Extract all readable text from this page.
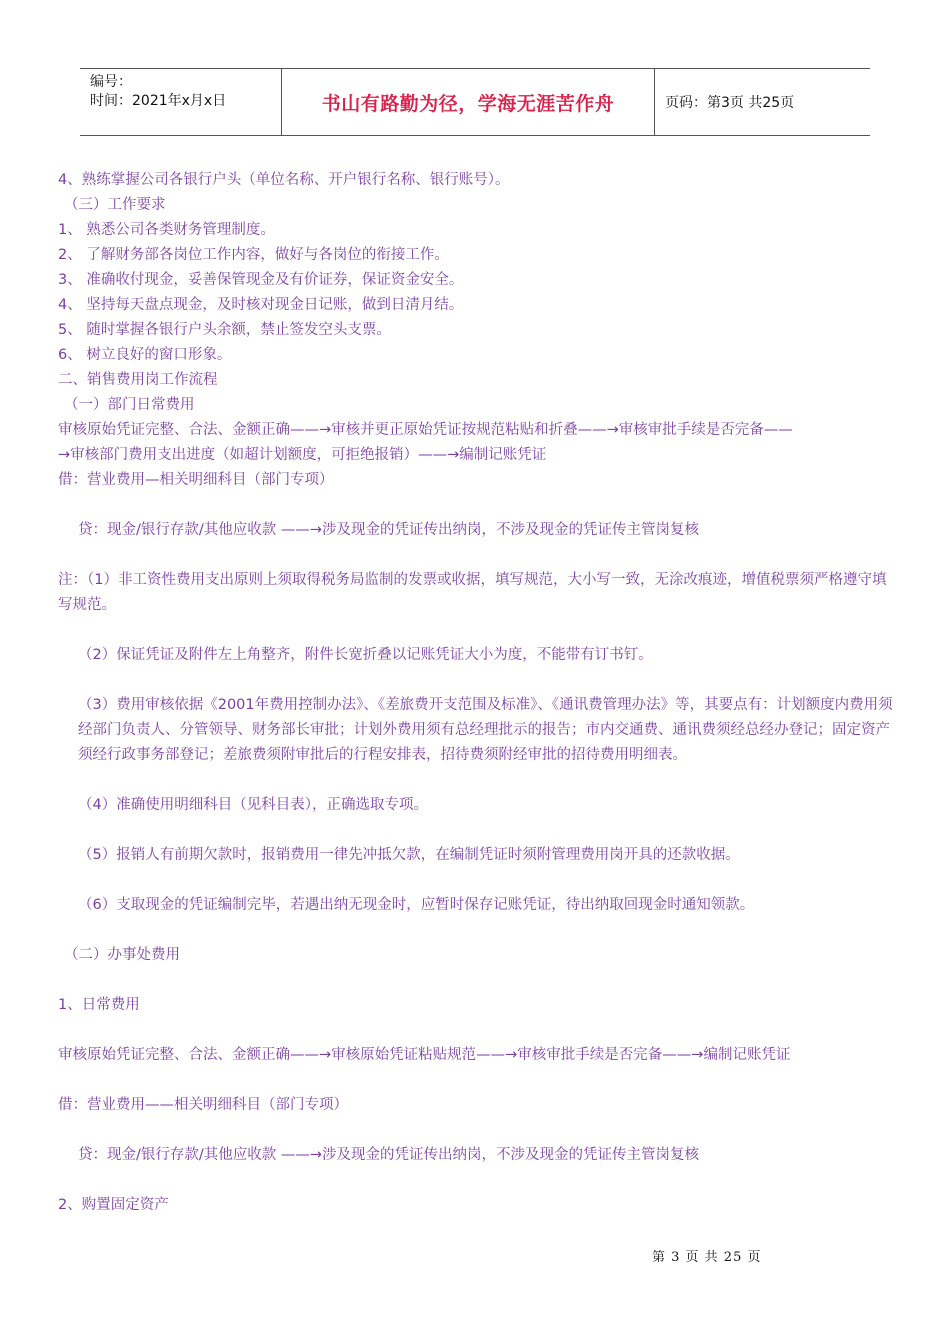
编号：
时间：2021年x月x日	书山有路勤为径，学海无涯苦作舟	页码：第3页 共25页
4、熟练掌握公司各银行户头（单位名称、开户银行名称、银行账号）。
（三）工作要求
1、 熟悉公司各类财务管理制度。
2、 了解财务部各岗位工作内容，做好与各岗位的衔接工作。
3、 准确收付现金，妥善保管现金及有价证券，保证资金安全。
4、 坚持每天盘点现金，及时核对现金日记账，做到日清月结。
5、 随时掌握各银行户头余额，禁止签发空头支票。
6、 树立良好的窗口形象。
二、销售费用岗工作流程
（一）部门日常费用
审核原始凭证完整、合法、金额正确——→审核并更正原始凭证按规范粘贴和折叠——→审核审批手续是否完备——
→审核部门费用支出进度（如超计划额度，可拒绝报销）——→编制记账凭证
借：营业费用—相关明细科目（部门专项）
贷：现金/银行存款/其他应收款 ——→涉及现金的凭证传出纳岗，不涉及现金的凭证传主管岗复核
注：（1）非工资性费用支出原则上须取得税务局监制的发票或收据，填写规范，大小写一致，无涂改痕迹，增值税票须严格遵守填写规范。
（2）保证凭证及附件左上角整齐，附件长宽折叠以记账凭证大小为度，不能带有订书钉。
（3）费用审核依据《2001年费用控制办法》、《差旅费开支范围及标准》、《通讯费管理办法》等，其要点有：计划额度内费用须经部门负责人、分管领导、财务部长审批；计划外费用须有总经理批示的报告；市内交通费、通讯费须经总经办登记；固定资产须经行政事务部登记；差旅费须附审批后的行程安排表，招待费须附经审批的招待费用明细表。
（4）准确使用明细科目（见科目表），正确选取专项。
（5）报销人有前期欠款时，报销费用一律先冲抵欠款，在编制凭证时须附管理费用岗开具的还款收据。
（6）支取现金的凭证编制完毕，若遇出纳无现金时，应暂时保存记账凭证，待出纳取回现金时通知领款。
（二）办事处费用
1、日常费用
审核原始凭证完整、合法、金额正确——→审核原始凭证粘贴规范——→审核审批手续是否完备——→编制记账凭证
借：营业费用——相关明细科目（部门专项）
贷：现金/银行存款/其他应收款 ——→涉及现金的凭证传出纳岗，不涉及现金的凭证传主管岗复核
2、购置固定资产
第 3 页 共 25 页
